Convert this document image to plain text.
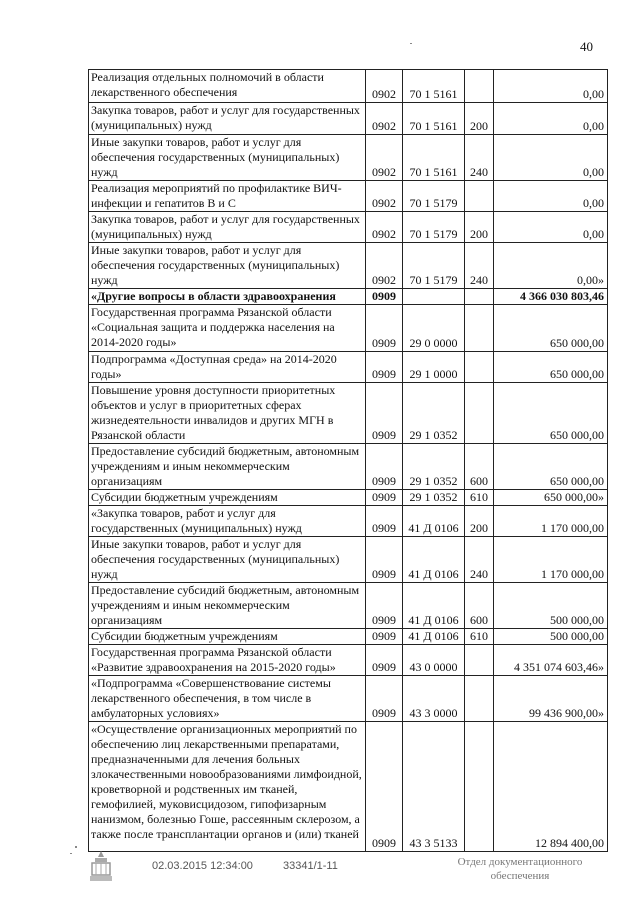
40
Реализация отдельных полномочий в области лекарственного обеспечения	0902	70 1 5161		0,00
Закупка товаров, работ и услуг для государственных (муниципальных) нужд	0902	70 1 5161	200	0,00
Иные закупки товаров, работ и услуг для обеспечения государственных (муниципальных) нужд	0902	70 1 5161	240	0,00
Реализация мероприятий по профилактике ВИЧ-инфекции и гепатитов В и С	0902	70 1 5179		0,00
Закупка товаров, работ и услуг для государственных (муниципальных) нужд	0902	70 1 5179	200	0,00
Иные закупки товаров, работ и услуг для обеспечения государственных (муниципальных) нужд	0902	70 1 5179	240	0,00»
«Другие вопросы в области здравоохранения	0909			4 366 030 803,46
Государственная программа Рязанской области «Социальная защита и поддержка населения на 2014-2020 годы»	0909	29 0 0000		650 000,00
Подпрограмма «Доступная среда» на 2014-2020 годы»	0909	29 1 0000		650 000,00
Повышение уровня доступности приоритетных объектов и услуг в приоритетных сферах жизнедеятельности инвалидов и других МГН в Рязанской области	0909	29 1 0352		650 000,00
Предоставление субсидий бюджетным, автономным учреждениям и иным некоммерческим организациям	0909	29 1 0352	600	650 000,00
Субсидии бюджетным учреждениям	0909	29 1 0352	610	650 000,00»
«Закупка товаров, работ и услуг для государственных (муниципальных) нужд	0909	41 Д 0106	200	1 170 000,00
Иные закупки товаров, работ и услуг для обеспечения государственных (муниципальных) нужд	0909	41 Д 0106	240	1 170 000,00
Предоставление субсидий бюджетным, автономным учреждениям и иным некоммерческим организациям	0909	41 Д 0106	600	500 000,00
Субсидии бюджетным учреждениям	0909	41 Д 0106	610	500 000,00
Государственная программа Рязанской области «Развитие здравоохранения на 2015-2020 годы»	0909	43 0 0000		4 351 074 603,46»
«Подпрограмма «Совершенствование системы лекарственного обеспечения, в том числе в амбулаторных условиях»	0909	43 3 0000		99 436 900,00»
«Осуществление организационных мероприятий по обеспечению лиц лекарственными препаратами, предназначенными для лечения больных злокачественными новообразованиями лимфоидной, кроветворной и родственных им тканей, гемофилией, муковисцидозом, гипофизарным нанизмом, болезнью Гоше, рассеянным склерозом, а также после трансплантации органов и (или) тканей	0909	43 3 5133		12 894 400,00
02.03.2015 12:34:00	33341/1-11	Отдел документационного
обеспечения
